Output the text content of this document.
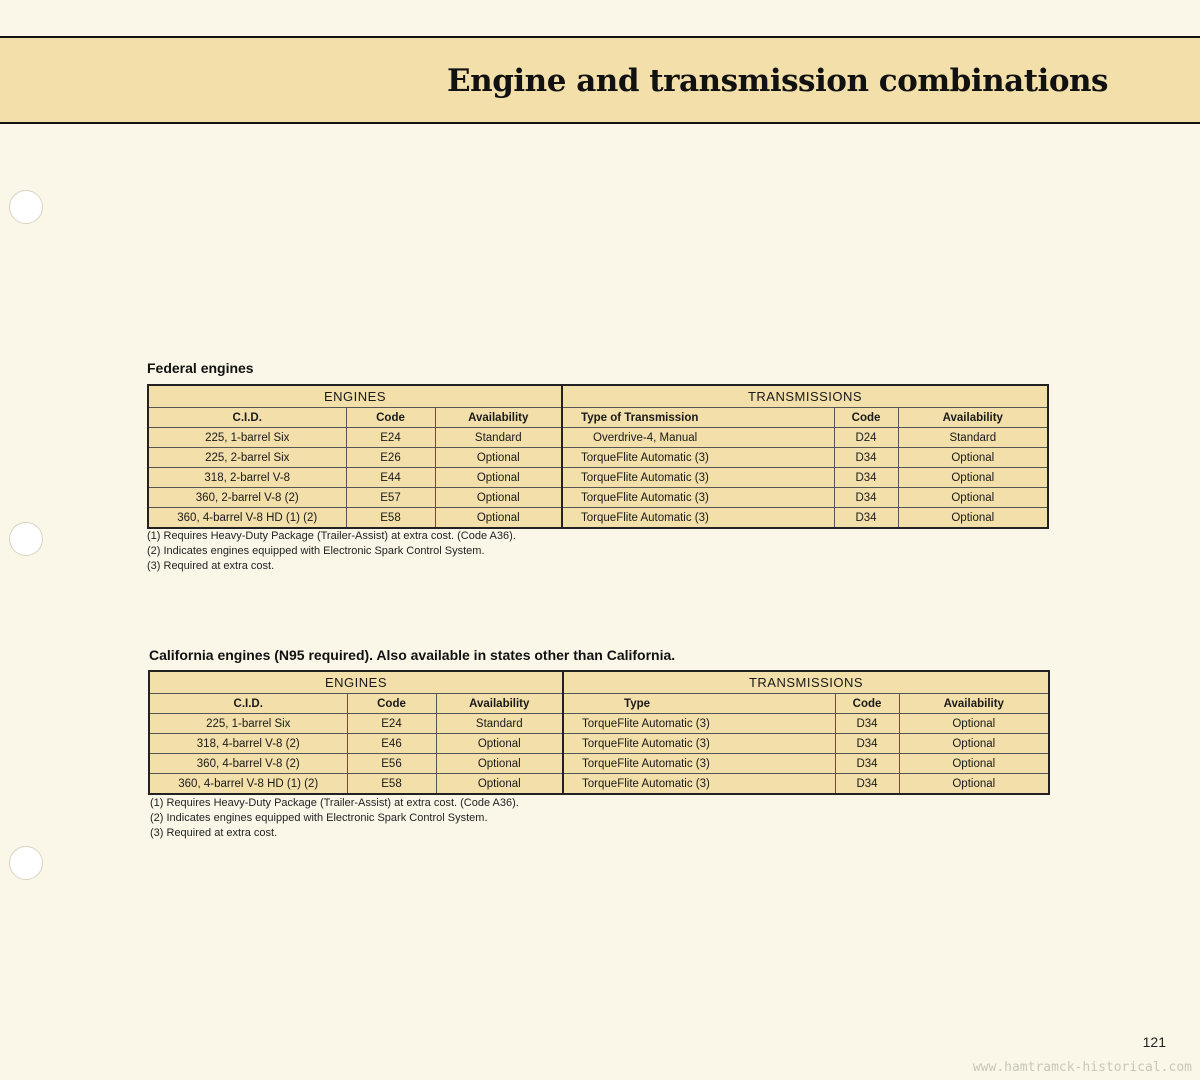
Engine and transmission combinations
Federal engines
ENGINES			TRANSMISSIONS		
C.I.D.	Code	Availability	Type of Transmission	Code	Availability
225, 1-barrel Six	E24	Standard	Overdrive-4, Manual	D24	Standard
225, 2-barrel Six	E26	Optional	TorqueFlite Automatic (3)	D34	Optional
318, 2-barrel V-8	E44	Optional	TorqueFlite Automatic (3)	D34	Optional
360, 2-barrel V-8 (2)	E57	Optional	TorqueFlite Automatic (3)	D34	Optional
360, 4-barrel V-8 HD (1) (2)	E58	Optional	TorqueFlite Automatic (3)	D34	Optional
(1) Requires Heavy-Duty Package (Trailer-Assist) at extra cost. (Code A36).
(2) Indicates engines equipped with Electronic Spark Control System.
(3) Required at extra cost.
California engines (N95 required). Also available in states other than California.
ENGINES			TRANSMISSIONS		
C.I.D.	Code	Availability	Type	Code	Availability
225, 1-barrel Six	E24	Standard	TorqueFlite Automatic (3)	D34	Optional
318, 4-barrel V-8 (2)	E46	Optional	TorqueFlite Automatic (3)	D34	Optional
360, 4-barrel V-8 (2)	E56	Optional	TorqueFlite Automatic (3)	D34	Optional
360, 4-barrel V-8 HD (1) (2)	E58	Optional	TorqueFlite Automatic (3)	D34	Optional
(1) Requires Heavy-Duty Package (Trailer-Assist) at extra cost. (Code A36).
(2) Indicates engines equipped with Electronic Spark Control System.
(3) Required at extra cost.
121
www.hamtramck-historical.com
